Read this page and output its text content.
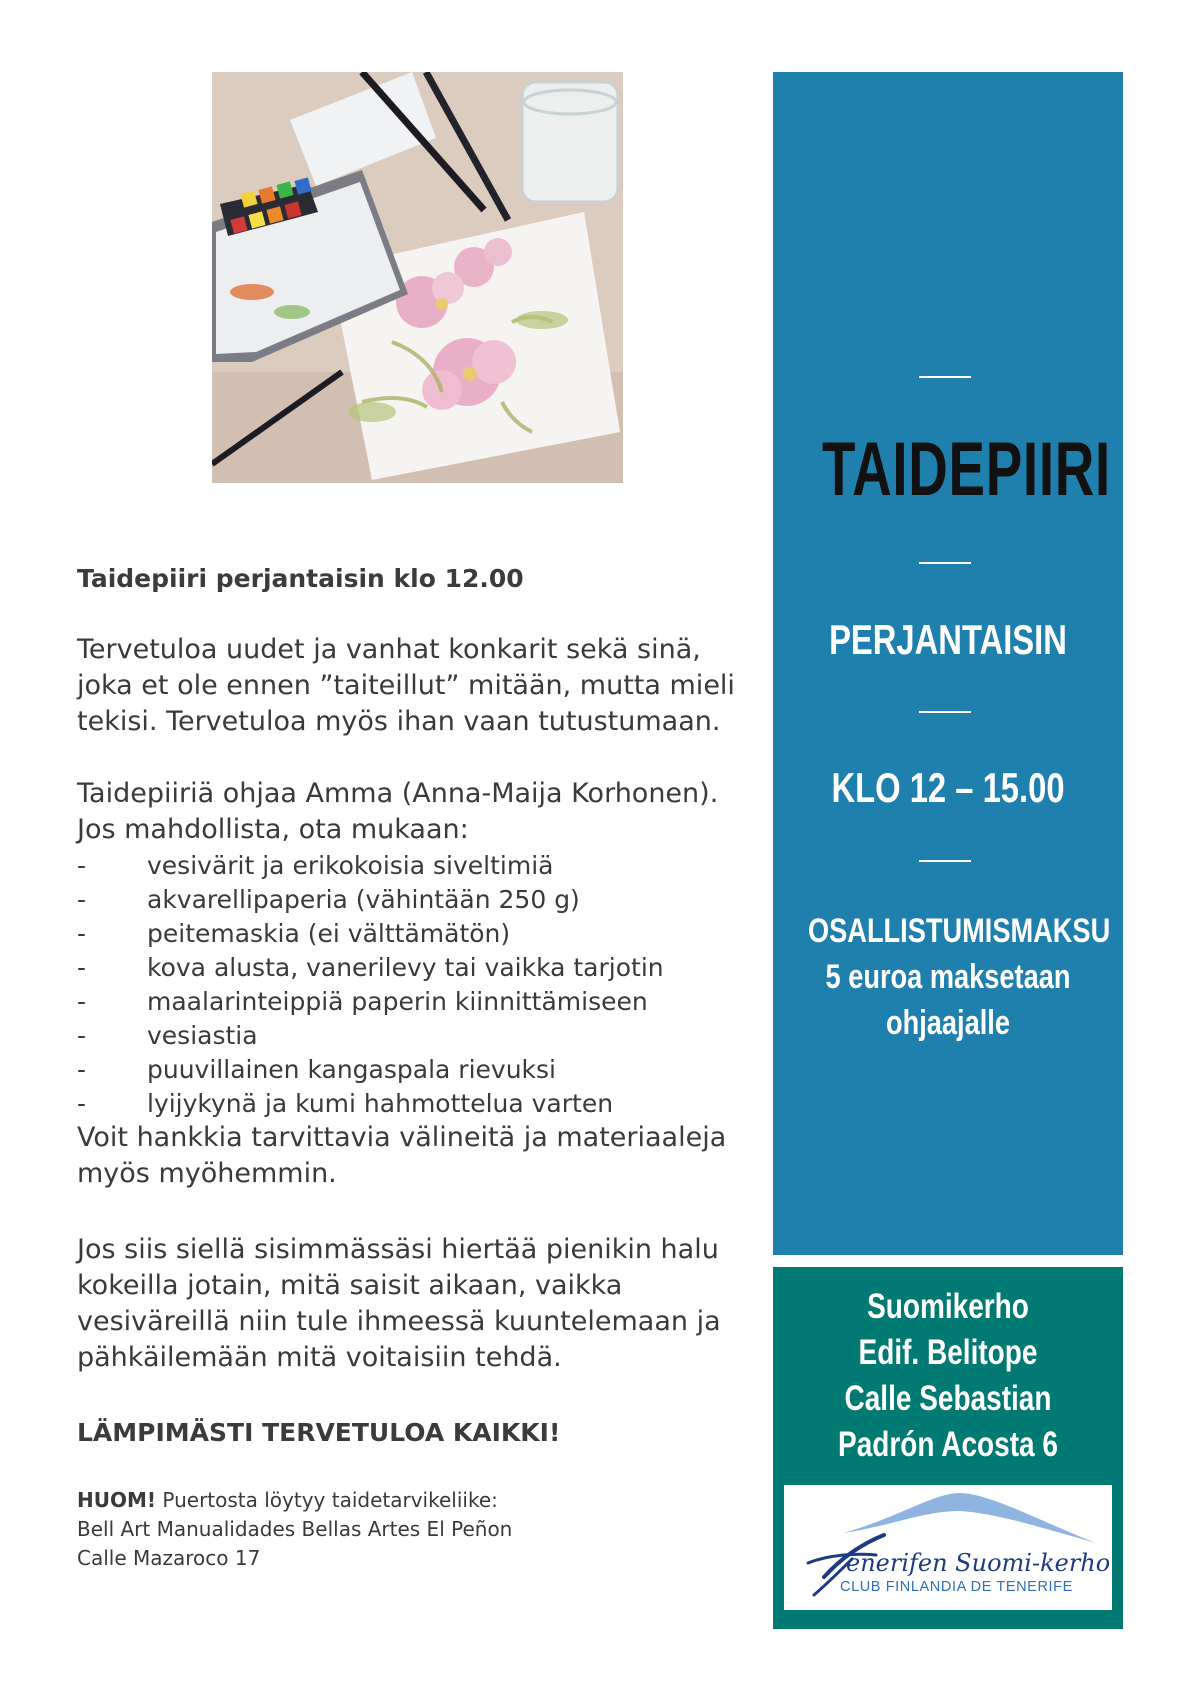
Taidepiiri perjantaisin klo 12.00

Tervetuloa uudet ja vanhat konkarit sekä sinä,
joka et ole ennen ”taiteillut” mitään, mutta mieli
tekisi. Tervetuloa myös ihan vaan tutustumaan.

Taidepiiriä ohjaa Amma (Anna-Maija Korhonen).
Jos mahdollista, ota mukaan:

-	vesivärit ja erikokoisia siveltimiä
-	akvarellipaperia (vähintään 250 g)
-	peitemaskia (ei välttämätön)
-	kova alusta, vanerilevy tai vaikka tarjotin
-	maalarinteippiä paperin kiinnittämiseen
-	vesiastia
-	puuvillainen kangaspala rievuksi
-	lyijykynä ja kumi hahmottelua varten

Voit hankkia tarvittavia välineitä ja materiaaleja
myös myöhemmin.

Jos siis siellä sisimmässäsi hiertää pienikin halu
kokeilla jotain, mitä saisit aikaan, vaikka
vesiväreillä niin tule ihmeessä kuuntelemaan ja
pähkäilemään mitä voitaisiin tehdä.

LÄMPIMÄSTI TERVETULOA KAIKKI!

HUOM! Puertosta löytyy taidetarvikeliike:
Bell Art Manualidades Bellas Artes El Peñon
Calle Mazaroco 17

TAIDEPIIRI
PERJANTAISIN
KLO 12 – 15.00
OSALLISTUMISMAKSU
5 euroa maksetaan
ohjaajalle
Suomikerho
Edif. Belitope
Calle Sebastian
Padrón Acosta 6
enerifen Suomi-kerho
CLUB FINLANDIA DE TENERIFE
